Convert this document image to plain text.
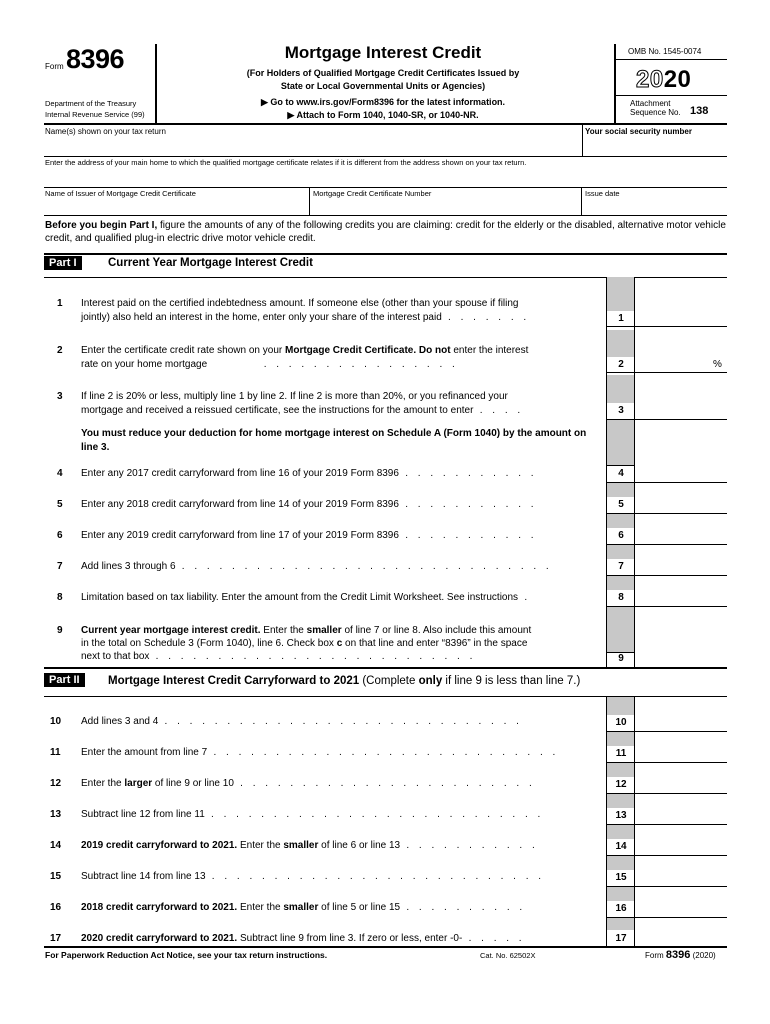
Form 8396
Department of the Treasury
Internal Revenue Service (99)
Mortgage Interest Credit
(For Holders of Qualified Mortgage Credit Certificates Issued by
State or Local Governmental Units or Agencies)
▶ Go to www.irs.gov/Form8396 for the latest information.
▶ Attach to Form 1040, 1040-SR, or 1040-NR.
OMB No. 1545-0074
2020
Attachment
Sequence No. 138
Name(s) shown on your tax return	Your social security number
Enter the address of your main home to which the qualified mortgage certificate relates if it is different from the address shown on your tax return.
Name of Issuer of Mortgage Credit Certificate	Mortgage Credit Certificate Number	Issue date
Before you begin Part I, figure the amounts of any of the following credits you are claiming: credit for the elderly or the disabled, alternative motor vehicle credit, and qualified plug-in electric drive motor vehicle credit.
Part I	Current Year Mortgage Interest Credit
1 Interest paid on the certified indebtedness amount. If someone else (other than your spouse if filing
jointly) also held an interest in the home, enter only your share of the interest paid . . . . . . .	1
2 Enter the certificate credit rate shown on your Mortgage Credit Certificate. Do not enter the interest
rate on your home mortgage         . . . . . . . . . . . . . . . .	2	%
3 If line 2 is 20% or less, multiply line 1 by line 2. If line 2 is more than 20%, or you refinanced your
mortgage and received a reissued certificate, see the instructions for the amount to enter . . . .	3
You must reduce your deduction for home mortgage interest on Schedule A (Form 1040) by the amount on line 3.
4 Enter any 2017 credit carryforward from line 16 of your 2019 Form 8396 . . . . . . . . . . .	4
5 Enter any 2018 credit carryforward from line 14 of your 2019 Form 8396 . . . . . . . . . . .	5
6 Enter any 2019 credit carryforward from line 17 of your 2019 Form 8396 . . . . . . . . . . .	6
7 Add lines 3 through 6 . . . . . . . . . . . . . . . . . . . . . . . . . . . . . .	7
8 Limitation based on tax liability. Enter the amount from the Credit Limit Worksheet. See instructions .	8
9 Current year mortgage interest credit. Enter the smaller of line 7 or line 8. Also include this amount
in the total on Schedule 3 (Form 1040), line 6. Check box c on that line and enter “8396” in the space
next to that box . . . . . . . . . . . . . . . . . . . . . . . . . .	9
Part II	Mortgage Interest Credit Carryforward to 2021 (Complete only if line 9 is less than line 7.)
10 Add lines 3 and 4 . . . . . . . . . . . . . . . . . . . . . . . . . . . . .	10
11 Enter the amount from line 7 . . . . . . . . . . . . . . . . . . . . . . . . . . . .	11
12 Enter the larger of line 9 or line 10 . . . . . . . . . . . . . . . . . . . . . . . .	12
13 Subtract line 12 from line 11 . . . . . . . . . . . . . . . . . . . . . . . . . . .	13
14 2019 credit carryforward to 2021. Enter the smaller of line 6 or line 13 . . . . . . . . . . .	14
15 Subtract line 14 from line 13 . . . . . . . . . . . . . . . . . . . . . . . . . . .	15
16 2018 credit carryforward to 2021. Enter the smaller of line 5 or line 15 . . . . . . . . . .	16
17 2020 credit carryforward to 2021. Subtract line 9 from line 3. If zero or less, enter -0- . . . . .	17
For Paperwork Reduction Act Notice, see your tax return instructions.	Cat. No. 62502X	Form 8396 (2020)
